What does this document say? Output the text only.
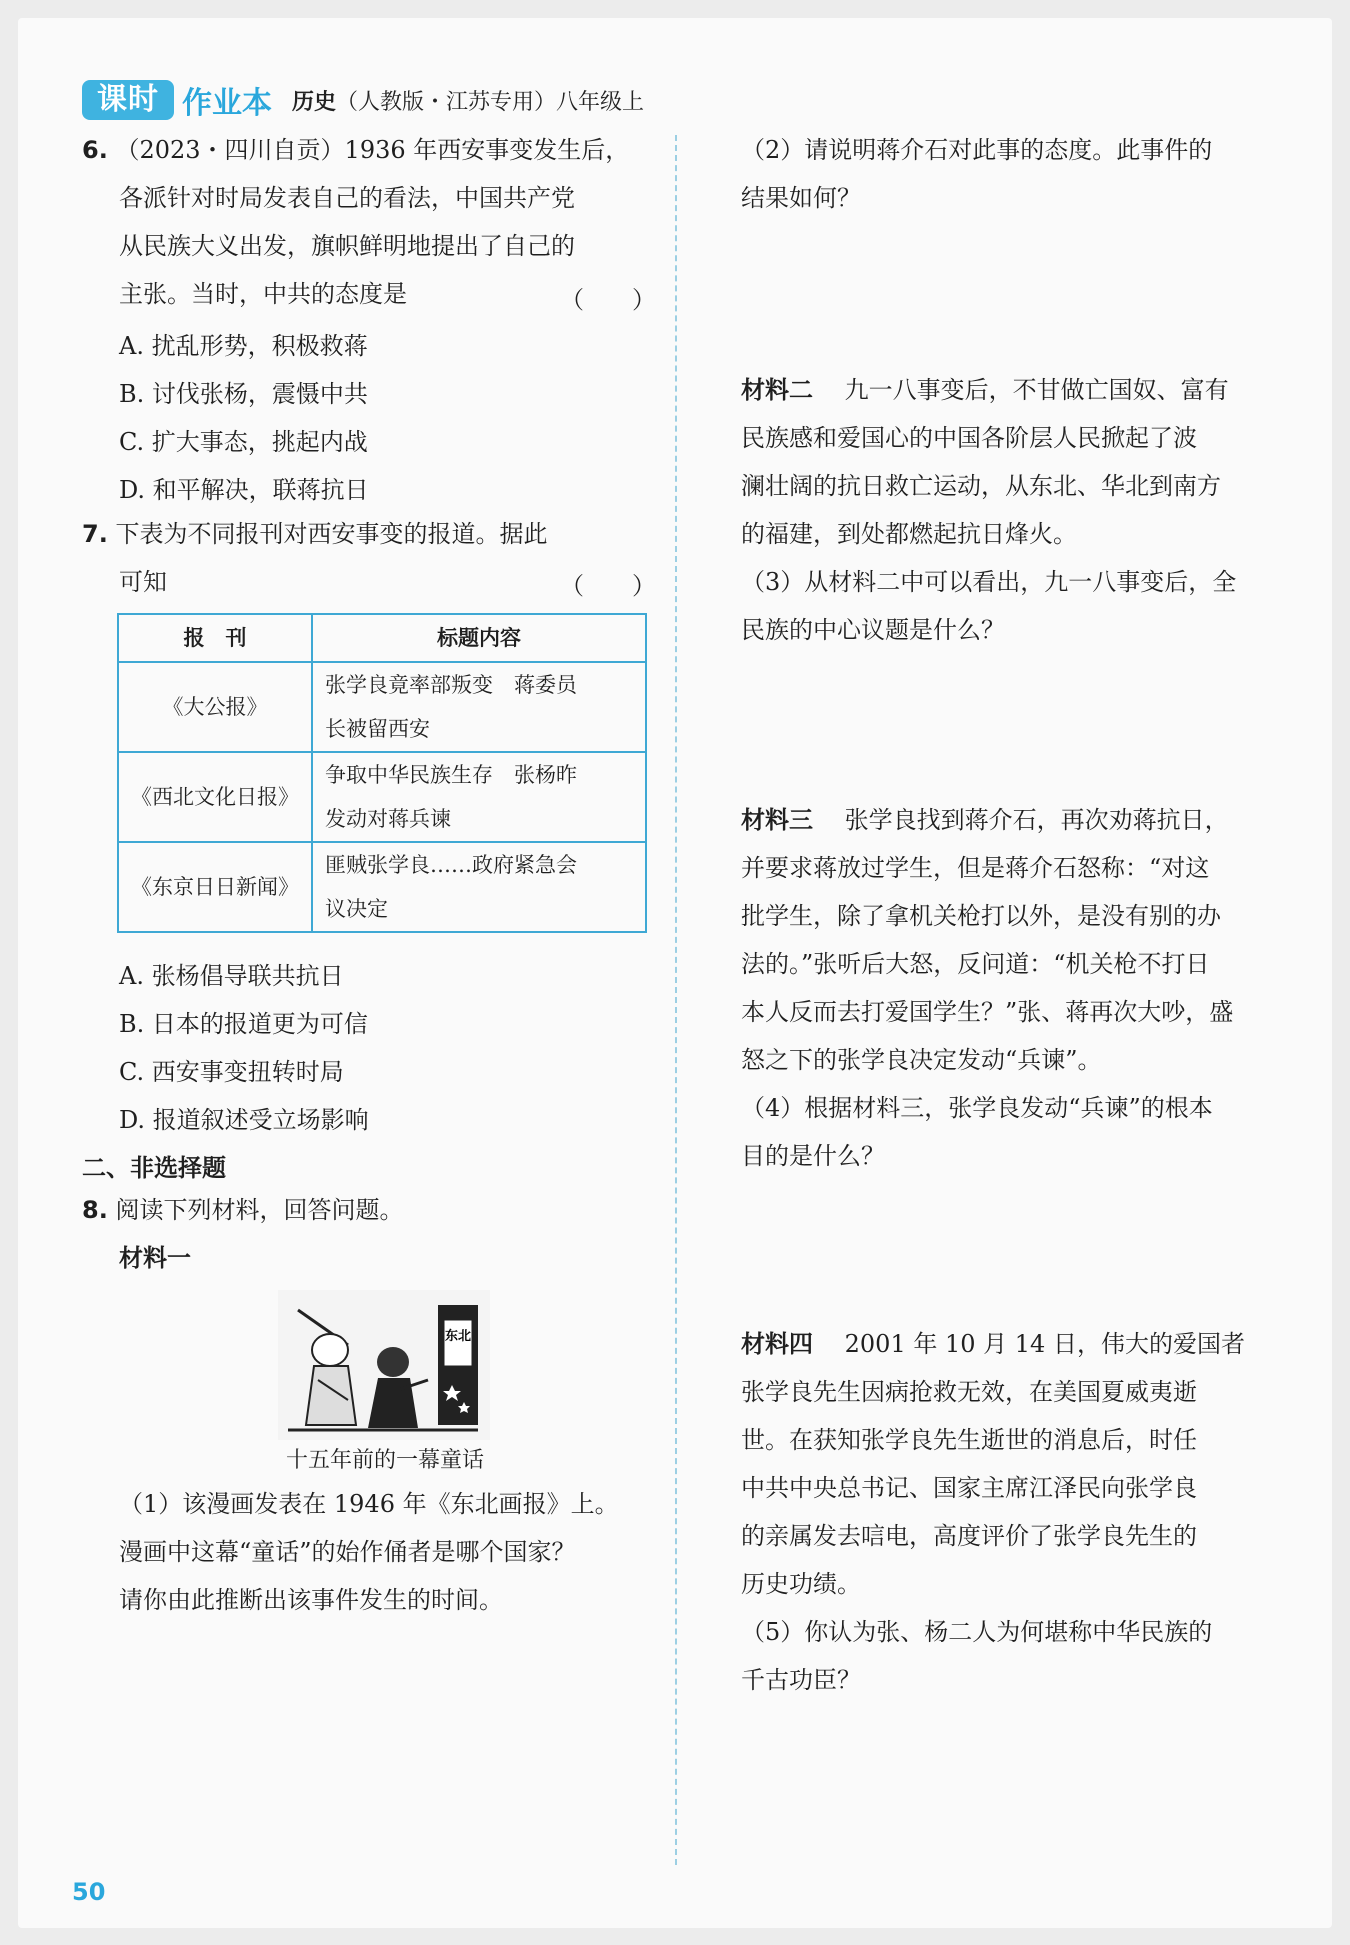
课时 作业本 历史（人教版・江苏专用）八年级上
6. （2023・四川自贡）1936 年西安事变发生后，
各派针对时局发表自己的看法，中国共产党
从民族大义出发，旗帜鲜明地提出了自己的
主张。当时，中共的态度是	（　　）
A. 扰乱形势，积极救蒋
B. 讨伐张杨，震慑中共
C. 扩大事态，挑起内战
D. 和平解决，联蒋抗日
7. 下表为不同报刊对西安事变的报道。据此
可知	（　　）
报　刊	标题内容
《大公报》	张学良竟率部叛变　蒋委员
长被留西安

《西北文化日报》	争取中华民族生存　张杨昨
发动对蒋兵谏

《东京日日新闻》	匪贼张学良……政府紧急会
议决定
A. 张杨倡导联共抗日
B. 日本的报道更为可信
C. 西安事变扭转时局
D. 报道叙述受立场影响
二、非选择题
8. 阅读下列材料，回答问题。
材料一
东北
十五年前的一幕童话
（1）该漫画发表在 1946 年《东北画报》上。
漫画中这幕“童话”的始作俑者是哪个国家？
请你由此推断出该事件发生的时间。
（2）请说明蒋介石对此事的态度。此事件的
结果如何？
材料二　 九一八事变后，不甘做亡国奴、富有
民族感和爱国心的中国各阶层人民掀起了波
澜壮阔的抗日救亡运动，从东北、华北到南方
的福建，到处都燃起抗日烽火。
（3）从材料二中可以看出，九一八事变后，全
民族的中心议题是什么？
材料三　 张学良找到蒋介石，再次劝蒋抗日，
并要求蒋放过学生，但是蒋介石怒称：“对这
批学生，除了拿机关枪打以外，是没有别的办
法的。”张听后大怒，反问道：“机关枪不打日
本人反而去打爱国学生？”张、蒋再次大吵，盛
怒之下的张学良决定发动“兵谏”。
（4）根据材料三，张学良发动“兵谏”的根本
目的是什么？
材料四　 2001 年 10 月 14 日，伟大的爱国者
张学良先生因病抢救无效，在美国夏威夷逝
世。在获知张学良先生逝世的消息后，时任
中共中央总书记、国家主席江泽民向张学良
的亲属发去唁电，高度评价了张学良先生的
历史功绩。
（5）你认为张、杨二人为何堪称中华民族的
千古功臣？
50
